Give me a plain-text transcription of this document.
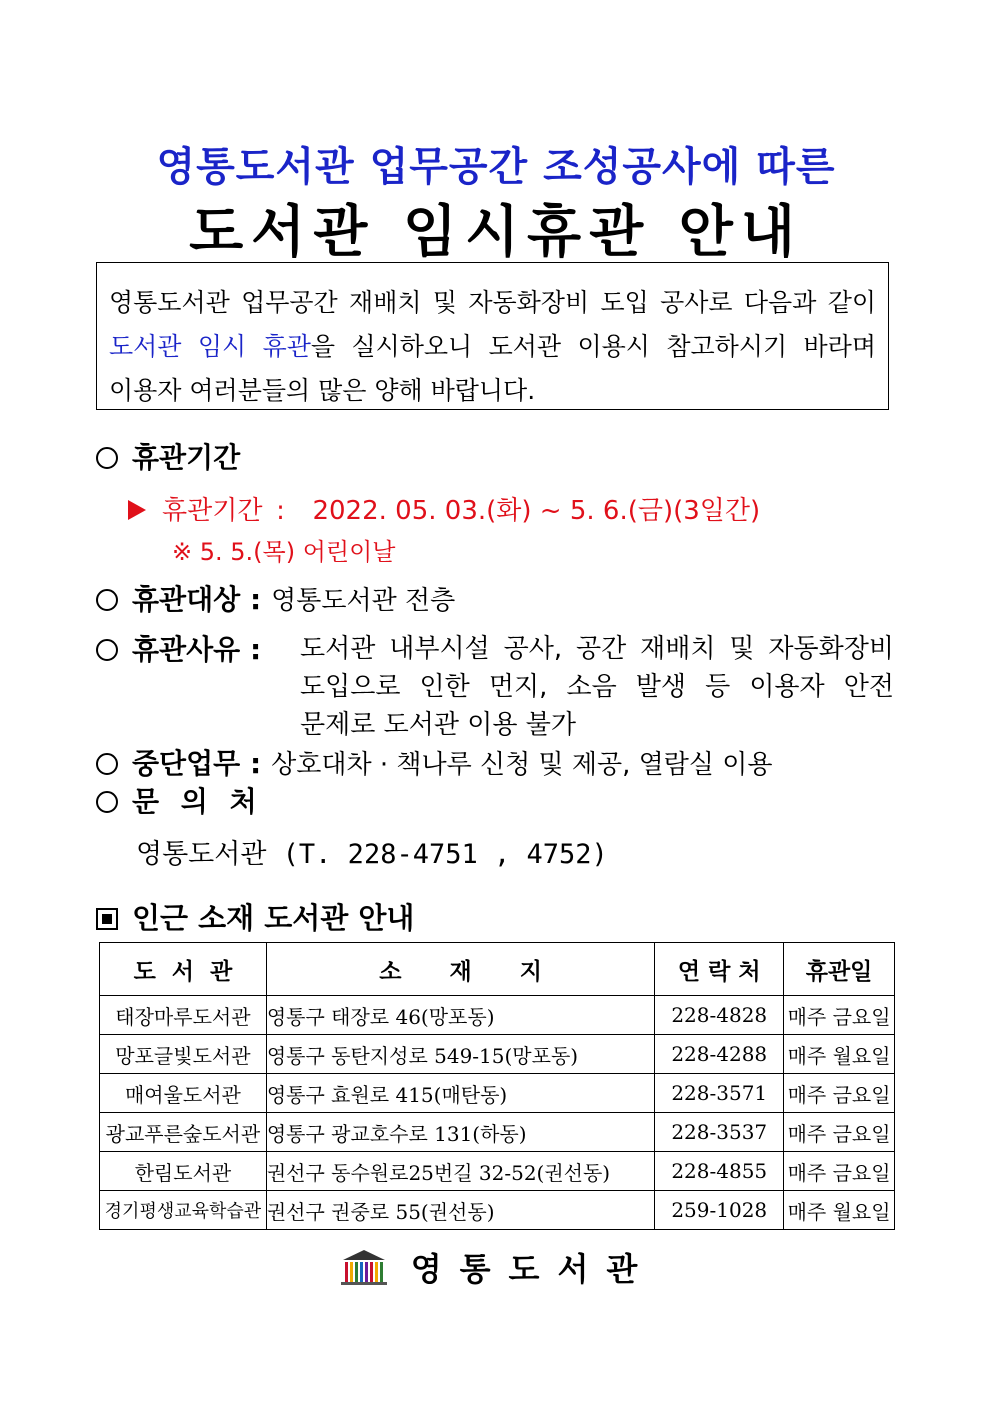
영통도서관 업무공간 조성공사에 따른
도서관 임시휴관 안내
영통도서관 업무공간 재배치 및 자동화장비 도입 공사로 다음과 같이
도서관 임시 휴관을 실시하오니 도서관 이용시 참고하시기 바라며
이용자 여러분들의 많은 양해 바랍니다.
휴관기간
휴관기간 : 2022. 05. 03.(화) ~ 5. 6.(금)(3일간)
※ 5. 5.(목) 어린이날
휴관대상 : 영통도서관 전층
휴관사유 : 도서관 내부시설 공사, 공간 재배치 및 자동화장비
도입으로 인한 먼지, 소음 발생 등 이용자 안전
문제로 도서관 이용 불가
중단업무 : 상호대차 · 책나루 신청 및 제공, 열람실 이용
문 의 처
영통도서관 (T. 228-4751 , 4752)
인근 소재 도서관 안내
도  서  관	소      재      지	연 락 처	휴관일
태장마루도서관	영통구 태장로 46(망포동)	228-4828	매주 금요일
망포글빛도서관	영통구 동탄지성로 549-15(망포동)	228-4288	매주 월요일
매여울도서관	영통구 효원로 415(매탄동)	228-3571	매주 금요일
광교푸른숲도서관	영통구 광교호수로 131(하동)	228-3537	매주 금요일
한림도서관	권선구 동수원로25번길 32-52(권선동)	228-4855	매주 금요일
경기평생교육학습관	권선구 권중로 55(권선동)	259-1028	매주 월요일
영통도서관
